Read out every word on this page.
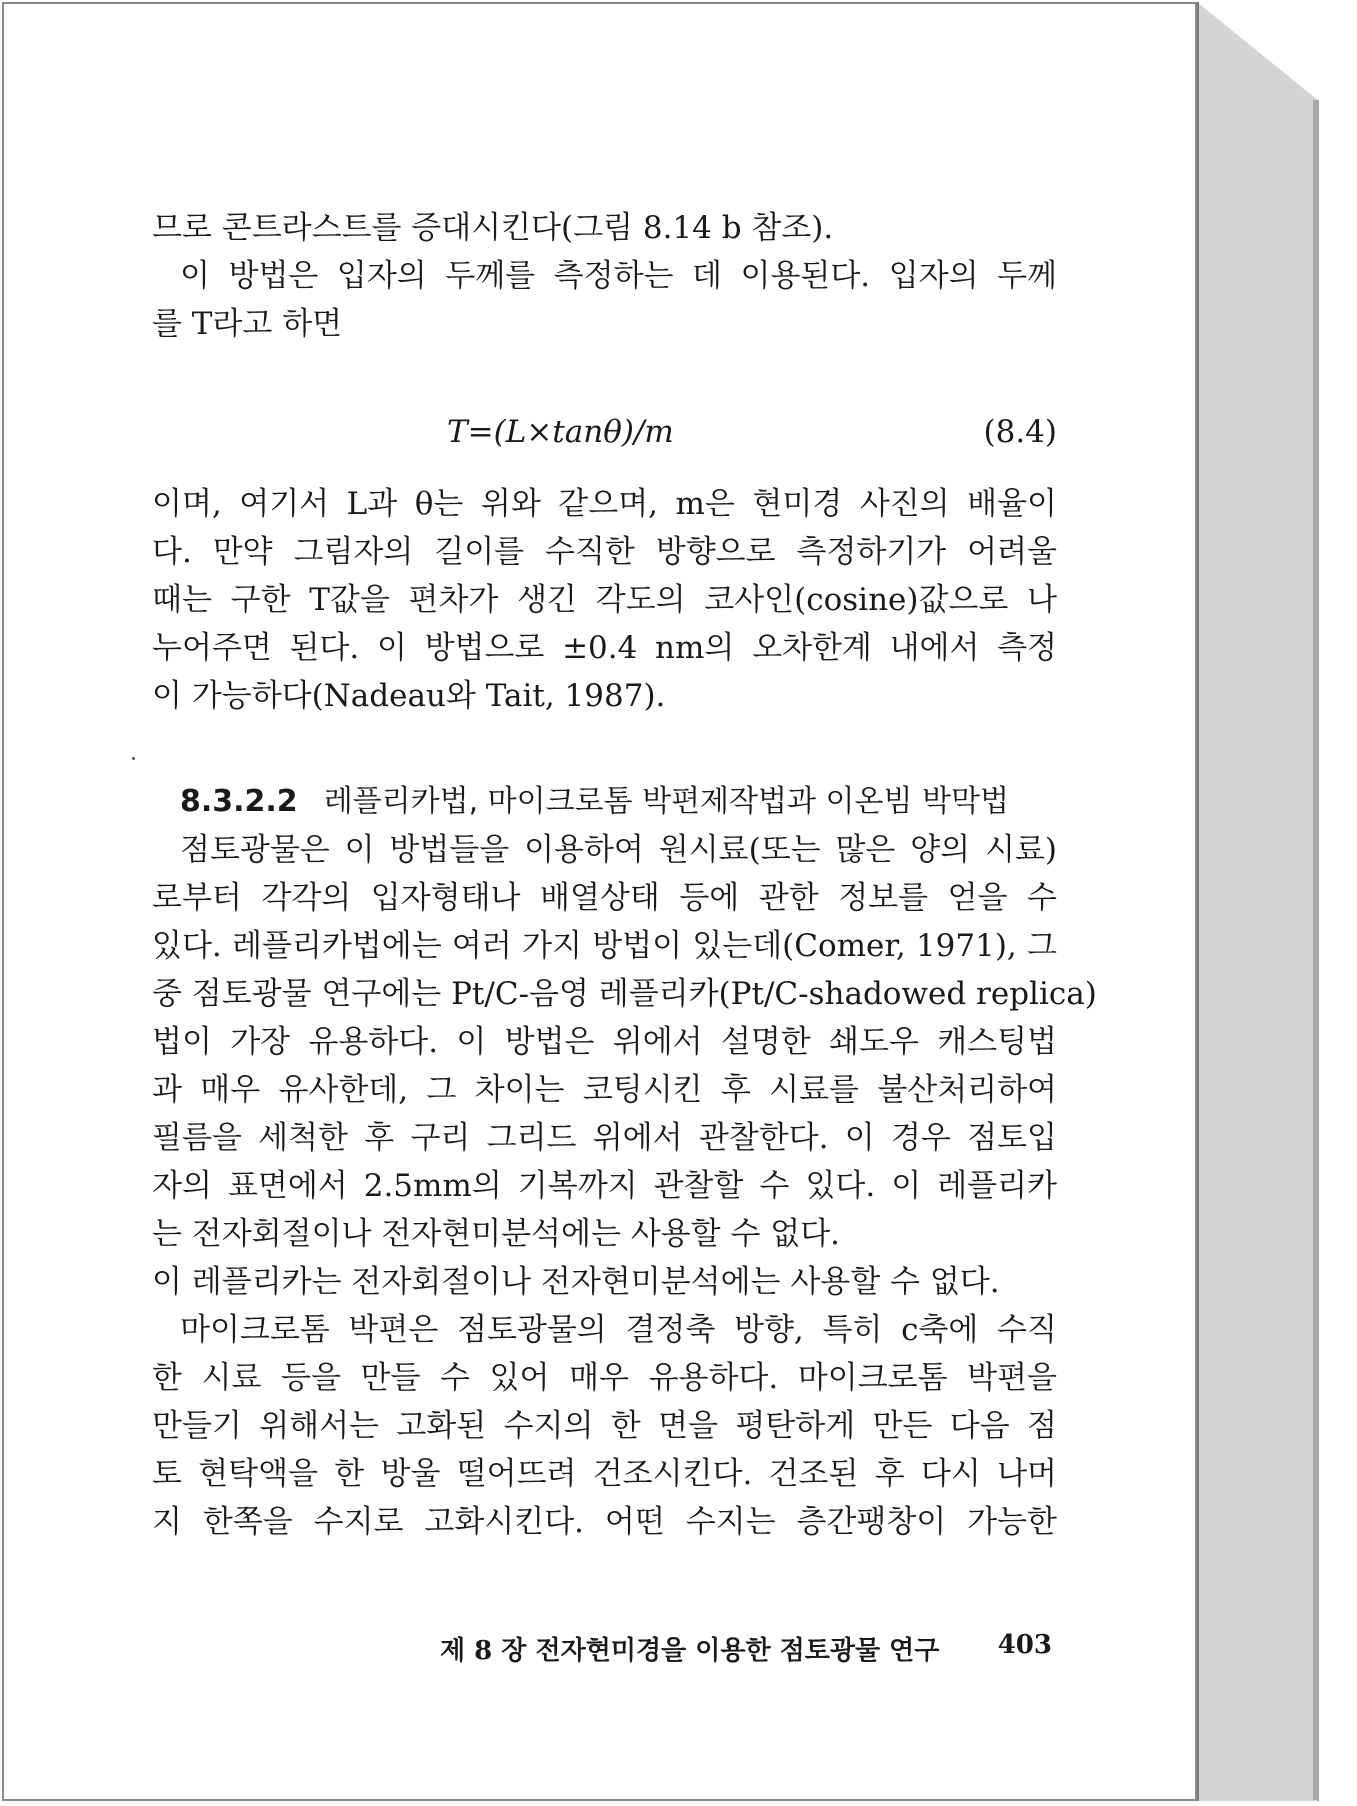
므로 콘트라스트를 증대시킨다(그림 8.14 b 참조).
이 방법은 입자의 두께를 측정하는 데 이용된다. 입자의 두께
를 T라고 하면
T=(L×tanθ)/m	(8.4)
이며, 여기서 L과 θ는 위와 같으며, m은 현미경 사진의 배율이
다. 만약 그림자의 길이를 수직한 방향으로 측정하기가 어려울
때는 구한 T값을 편차가 생긴 각도의 코사인(cosine)값으로 나
누어주면 된다. 이 방법으로 ±0.4 nm의 오차한계 내에서 측정
이 가능하다(Nadeau와 Tait, 1987).
8.3.2.2 레플리카법, 마이크로톰 박편제작법과 이온빔 박막법
점토광물은 이 방법들을 이용하여 원시료(또는 많은 양의 시료)
로부터 각각의 입자형태나 배열상태 등에 관한 정보를 얻을 수
있다. 레플리카법에는 여러 가지 방법이 있는데(Comer, 1971), 그
중 점토광물 연구에는 Pt/C-음영 레플리카(Pt/C-shadowed replica)
법이 가장 유용하다. 이 방법은 위에서 설명한 쇄도우 캐스팅법
과 매우 유사한데, 그 차이는 코팅시킨 후 시료를 불산처리하여
필름을 세척한 후 구리 그리드 위에서 관찰한다. 이 경우 점토입
자의 표면에서 2.5mm의 기복까지 관찰할 수 있다. 이 레플리카
는 전자회절이나 전자현미분석에는 사용할 수 없다.
이 레플리카는 전자회절이나 전자현미분석에는 사용할 수 없다.
마이크로톰 박편은 점토광물의 결정축 방향, 특히 c축에 수직
한 시료 등을 만들 수 있어 매우 유용하다. 마이크로톰 박편을
만들기 위해서는 고화된 수지의 한 면을 평탄하게 만든 다음 점
토 현탁액을 한 방울 떨어뜨려 건조시킨다. 건조된 후 다시 나머
지 한쪽을 수지로 고화시킨다. 어떤 수지는 층간팽창이 가능한
제 8 장 전자현미경을 이용한 점토광물 연구 403
